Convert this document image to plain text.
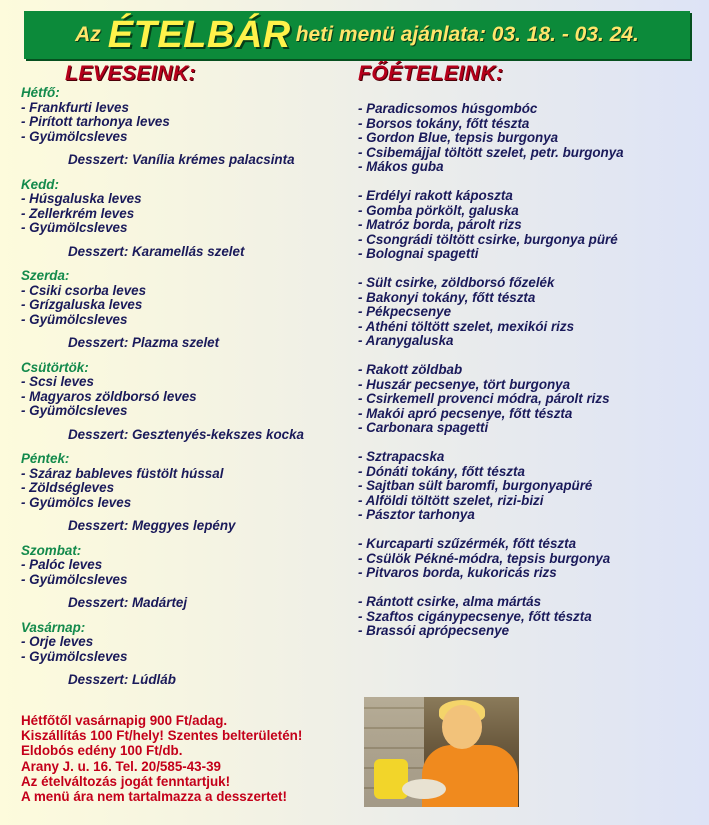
Az ÉTELBÁR heti menü ajánlata: 03. 18. - 03. 24.
LEVESEINK:	FŐÉTELEINK:
Hétfő:
- Frankfurti leves
- Pirított tarhonya leves
- Gyümölcsleves
Desszert: Vanília krémes palacsinta
Kedd:
- Húsgaluska leves
- Zellerkrém leves
- Gyümölcsleves
Desszert: Karamellás szelet
Szerda:
- Csiki csorba leves
- Grízgaluska leves
- Gyümölcsleves
Desszert: Plazma szelet
Csütörtök:
- Scsi leves
- Magyaros zöldborsó leves
- Gyümölcsleves
Desszert: Gesztenyés-kekszes kocka
Péntek:
- Száraz bableves füstölt hússal
- Zöldségleves
- Gyümölcs leves
Desszert: Meggyes lepény
Szombat:
- Palóc leves
- Gyümölcsleves
Desszert: Madártej
Vasárnap:
- Orje leves
- Gyümölcsleves
Desszert: Lúdláb
- Paradicsomos húsgombóc
- Borsos tokány, főtt tészta
- Gordon Blue, tepsis burgonya
- Csibemájjal töltött szelet, petr. burgonya
- Mákos guba
- Erdélyi rakott káposzta
- Gomba pörkölt, galuska
- Matróz borda, párolt rizs
- Csongrádi töltött csirke, burgonya püré
- Bolognai spagetti
- Sült csirke, zöldborsó főzelék
- Bakonyi tokány, főtt tészta
- Pékpecsenye
- Athéni töltött szelet, mexikói rizs
- Aranygaluska
- Rakott zöldbab
- Huszár pecsenye, tört burgonya
- Csirkemell provenci módra, párolt rizs
- Makói apró pecsenye, főtt tészta
- Carbonara spagetti
- Sztrapacska
- Dónáti tokány, főtt tészta
- Sajtban sült baromfi, burgonyapüré
- Alföldi töltött szelet, rizi-bizi
- Pásztor tarhonya
- Kurcaparti szűzérmék, főtt tészta
- Csülök Pékné-módra, tepsis burgonya
- Pitvaros borda, kukoricás rizs
- Rántott csirke, alma mártás
- Szaftos cigánypecsenye, főtt tészta
- Brassói aprópecsenye
Hétfőtől vasárnapig 900 Ft/adag.
Kiszállítás 100 Ft/hely! Szentes belterületén!
Eldobós edény 100 Ft/db.
Arany J. u. 16. Tel. 20/585-43-39
Az ételváltozás jogát fenntartjuk!
A menü ára nem tartalmazza a desszertet!
